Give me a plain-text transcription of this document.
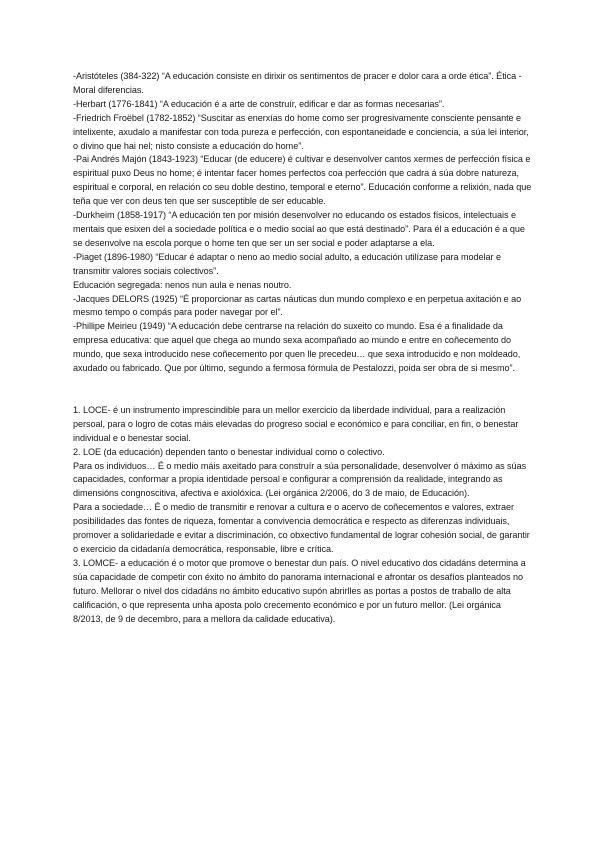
-Aristóteles (384-322) “A educación consiste en dirixir os sentimentos de pracer e dolor cara a orde ética”. Ética - Moral diferencias.

-Herbart (1776-1841) “A educación é a arte de construír, edificar e dar as formas necesarias”.

-Friedrich Froëbel (1782-1852) “Suscitar as enerxías do home como ser progresivamente consciente pensante e intelixente, axudalo a manifestar con toda pureza e perfección, con espontaneidade e conciencia, a súa lei interior, o divino que hai nel; nisto consiste a educación do home”.

-Pai Andrés Majón (1843-1923) “Educar (de educere) é cultivar e desenvolver cantos xermes de perfección física e espiritual puxo Deus no home; é intentar facer homes perfectos coa perfección que cadra á súa dobre natureza, espiritual e corporal, en relación co seu doble destino, temporal e eterno”. Educación conforme a relixión, nada que teña que ver con deus ten que ser susceptible de ser educable.

-Durkheim (1858-1917) “A educación ten por misión desenvolver no educando os estados físicos, intelectuais e mentais que esixen del a sociedade política e o medio social ao que está destinado”. Para él a educación é a que se desenvolve na escola porque o home ten que ser un ser social e poder adaptarse a ela.

-Piaget (1896-1980) “Educar é adaptar o neno ao medio social adulto, a educación utilízase para modelar e transmitir valores sociais colectivos”.

Educación segregada: nenos nun aula e nenas noutro.

-Jacques DELORS (1925) “É proporcionar as cartas náuticas dun mundo complexo e en perpetua axitación e ao mesmo tempo o compás para poder navegar por el”.

-Phillipe Meirieu (1949) “A educación debe centrarse na relación do suxeito co mundo. Esa é a finalidade da empresa educativa: que aquel que chega ao mundo sexa acompañado ao mundo e entre en coñecemento do mundo, que sexa introducido nese coñecemento por quen lle precedeu… que sexa introducido e non moldeado, axudado ou fabricado. Que por último, segundo a fermosa fórmula de Pestalozzi, poida ser obra de si mesmo”.

1. LOCE- é un instrumento imprescindible para un mellor exercicio da liberdade individual, para a realización persoal, para o logro de cotas máis elevadas do progreso social e económico e para conciliar, en fin, o benestar individual e o benestar social.

2. LOE (da educación) dependen tanto o benestar individual como o colectivo.

Para os individuos… É o medio máis axeitado para construír a súa personalidade, desenvolver ó máximo as súas capacidades, conformar a propia identidade persoal e configurar a comprensión da realidade, integrando as dimensións congnoscitiva, afectiva e axiolóxica. (Lei orgánica 2/2006, do 3 de maio, de Educación).

Para a sociedade… É o medio de transmitir e renovar a cultura e o acervo de coñecementos e valores, extraer posibilidades das fontes de riqueza, fomentar a convivencia democrática e respecto as diferenzas individuais, promover a solidariedade e evitar a discriminación, co obxectivo fundamental de lograr cohesión social, de garantir o exercicio da cidadanía democrática, responsable, libre e crítica.

3. LOMCE- a educación é o motor que promove o benestar dun país. O nivel educativo dos cidadáns determina a súa capacidade de competir con éxito no ámbito do panorama internacional e afrontar os desafíos planteados no futuro. Mellorar o nivel dos cidadáns no ámbito educativo supón abrirlles as portas a postos de traballo de alta calificación, o que representa unha aposta polo crecemento económico e por un futuro mellor. (Lei orgánica 8/2013, de 9 de decembro, para a mellora da calidade educativa).
